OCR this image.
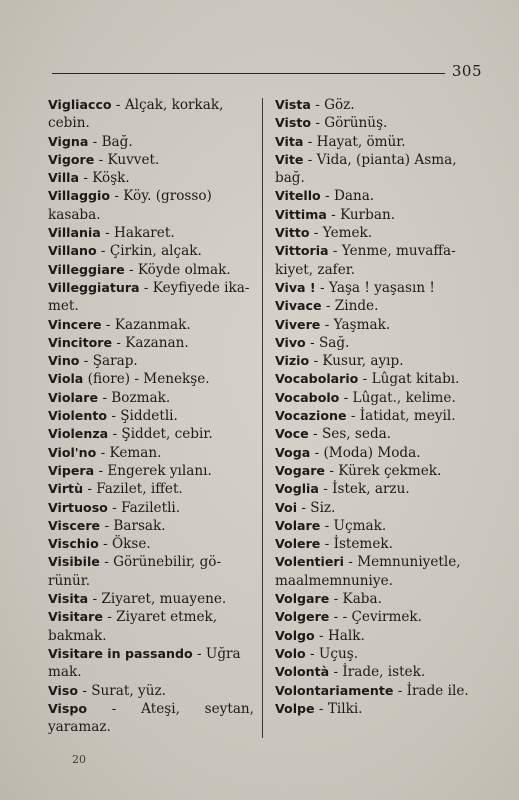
305
Vigliacco - Alçak, korkak,
cebin.
Vigna - Bağ.
Vigore - Kuvvet.
Villa - Köşk.
Villaggio - Köy. (grosso)
kasaba.
Villania - Hakaret.
Villano - Çirkin, alçak.
Villeggiare - Köyde olmak.
Villeggiatura - Keyfiyede ika-
met.
Vincere - Kazanmak.
Vincitore - Kazanan.
Vino - Şarap.
Viola (fiore) - Menekşe.
Violare - Bozmak.
Violento - Şiddetli.
Violenza - Şiddet, cebir.
Viol'no - Keman.
Vipera - Engerek yılanı.
Virtù - Fazilet, iffet.
Virtuoso - Faziletli.
Viscere - Barsak.
Vischio - Ökse.
Visibile - Görünebilir, gö-
rünür.
Visita - Ziyaret, muayene.
Visitare - Ziyaret etmek,
bakmak.
Visitare in passando - Uğra
mak.
Viso - Surat, yüz.
Vispo - Ateşi, seytan, yaramaz.
Vista - Göz.
Visto - Görünüş.
Vita - Hayat, ömür.
Vite - Vida, (pianta) Asma,
bağ.
Vitello - Dana.
Vittima - Kurban.
Vitto - Yemek.
Vittoria - Yenme, muvaffa-
kiyet, zafer.
Viva ! - Yaşa ! yaşasın !
Vivace - Zinde.
Vivere - Yaşmak.
Vivo - Sağ.
Vizio - Kusur, ayıp.
Vocabolario - Lûgat kitabı.
Vocabolo - Lûgat., kelime.
Vocazione - İatidat, meyil.
Voce - Ses, seda.
Voga - (Moda) Moda.
Vogare - Kürek çekmek.
Voglia - İstek, arzu.
Voi - Siz.
Volare - Uçmak.
Volere - İstemek.
Volentieri - Memnuniyetle,
maalmemnuniye.
Volgare - Kaba.
Volgere - - Çevirmek.
Volgo - Halk.
Volo - Uçuş.
Volontà - İrade, istek.
Volontariamente - İrade ile.
Volpe - Tilki.
20
